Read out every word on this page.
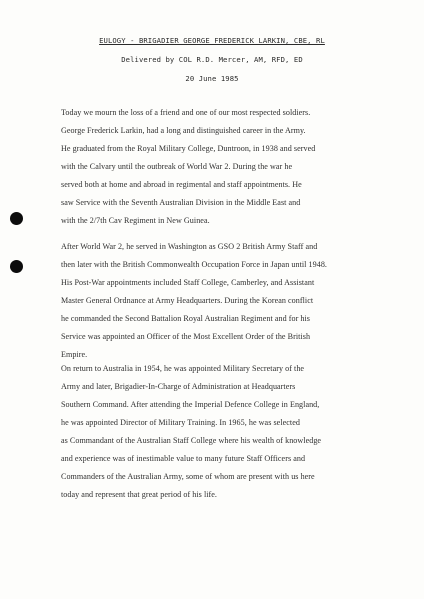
EULOGY - BRIGADIER GEORGE FREDERICK LARKIN, CBE, RL
Delivered by COL R.D. Mercer, AM, RFD, ED
20 June 1985
Today we mourn the loss of a friend and one of our most respected soldiers.
George Frederick Larkin, had a long and distinguished career in the Army.
He graduated from the Royal Military College, Duntroon, in 1938 and served
with the Calvary until the outbreak of World War 2. During the war he
served both at home and abroad in regimental and staff appointments. He
saw Service with the Seventh Australian Division in the Middle East and
with the 2/7th Cav Regiment in New Guinea.
After World War 2, he served in Washington as GSO 2 British Army Staff and
then later with the British Commonwealth Occupation Force in Japan until 1948.
His Post-War appointments included Staff College, Camberley, and Assistant
Master General Ordnance at Army Headquarters. During the Korean conflict
he commanded the Second Battalion Royal Australian Regiment and for his
Service was appointed an Officer of the Most Excellent Order of the British
Empire.
On return to Australia in 1954, he was appointed Military Secretary of the
Army and later, Brigadier-In-Charge of Administration at Headquarters
Southern Command. After attending the Imperial Defence College in England,
he was appointed Director of Military Training. In 1965, he was selected
as Commandant of the Australian Staff College where his wealth of knowledge
and experience was of inestimable value to many future Staff Officers and
Commanders of the Australian Army, some of whom are present with us here
today and represent that great period of his life.
